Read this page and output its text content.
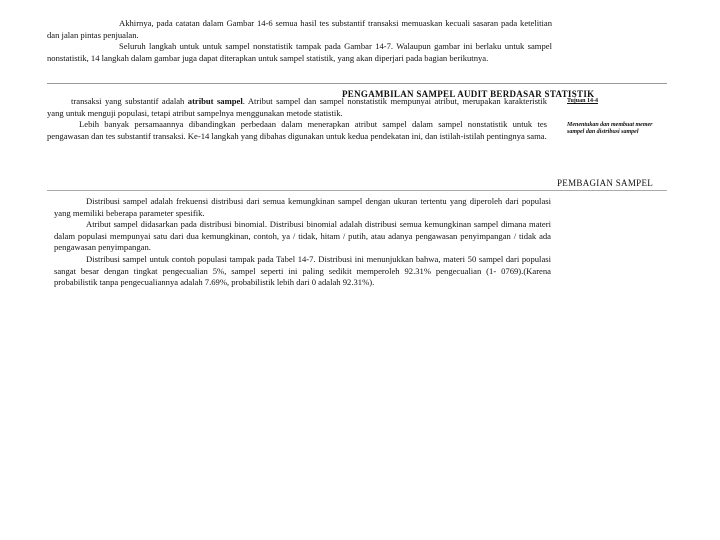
Akhirnya, pada catatan dalam Gambar 14-6 semua hasil tes substantif transaksi memuaskan kecuali sasaran pada ketelitian dan jalan pintas penjualan.

Seluruh langkah untuk untuk sampel nonstatistik tampak pada Gambar 14-7. Walaupun gambar ini berlaku untuk sampel nonstatistik, 14 langkah dalam gambar juga dapat diterapkan untuk sampel statistik, yang akan diperjari pada bagian berikutnya.

PENGAMBILAN SAMPEL AUDIT BERDASAR STATISTIK

transaksi yang substantif adalah atribut sampel. Atribut sampel dan sampel nonstatistik mempunyai atribut, merupakan karakteristik yang untuk menguji populasi, tetapi atribut sampelnya menggunakan metode statistik.

Lebih banyak persamaannya dibandingkan perbedaan dalam menerapkan atribut sampel dalam sampel nonstatistik untuk tes pengawasan dan tes substantif transaksi. Ke-14 langkah yang dibahas digunakan untuk kedua pendekatan ini, dan istilah-istilah pentingnya sama.

Tujuan 14-4
Menentukan dan membuat memer sampel dan distribusi sampel
PEMBAGIAN SAMPEL

Distribusi sampel adalah frekuensi distribusi dari semua kemungkinan sampel dengan ukuran tertentu yang diperoleh dari populasi yang memiliki beberapa parameter spesifik.

Atribut sampel didasarkan pada distribusi binomial. Distribusi binomial adalah distribusi semua kemungkinan sampel dimana materi dalam populasi mempunyai satu dari dua kemungkinan, contoh, ya / tidak, hitam / putih, atau adanya pengawasan penyimpangan / tidak ada pengawasan penyimpangan.

Distribusi sampel untuk contoh populasi tampak pada Tabel 14-7. Distribusi ini menunjukkan bahwa, materi 50 sampel dari populasi sangat besar dengan tingkat pengecualian 5%, sampel seperti ini paling sedikit memperoleh 92.31% pengecualian (1- 0769).(Karena probabilistik tanpa pengecualiannya adalah 7.69%, probabilistik lebih dari 0 adalah 92.31%).
